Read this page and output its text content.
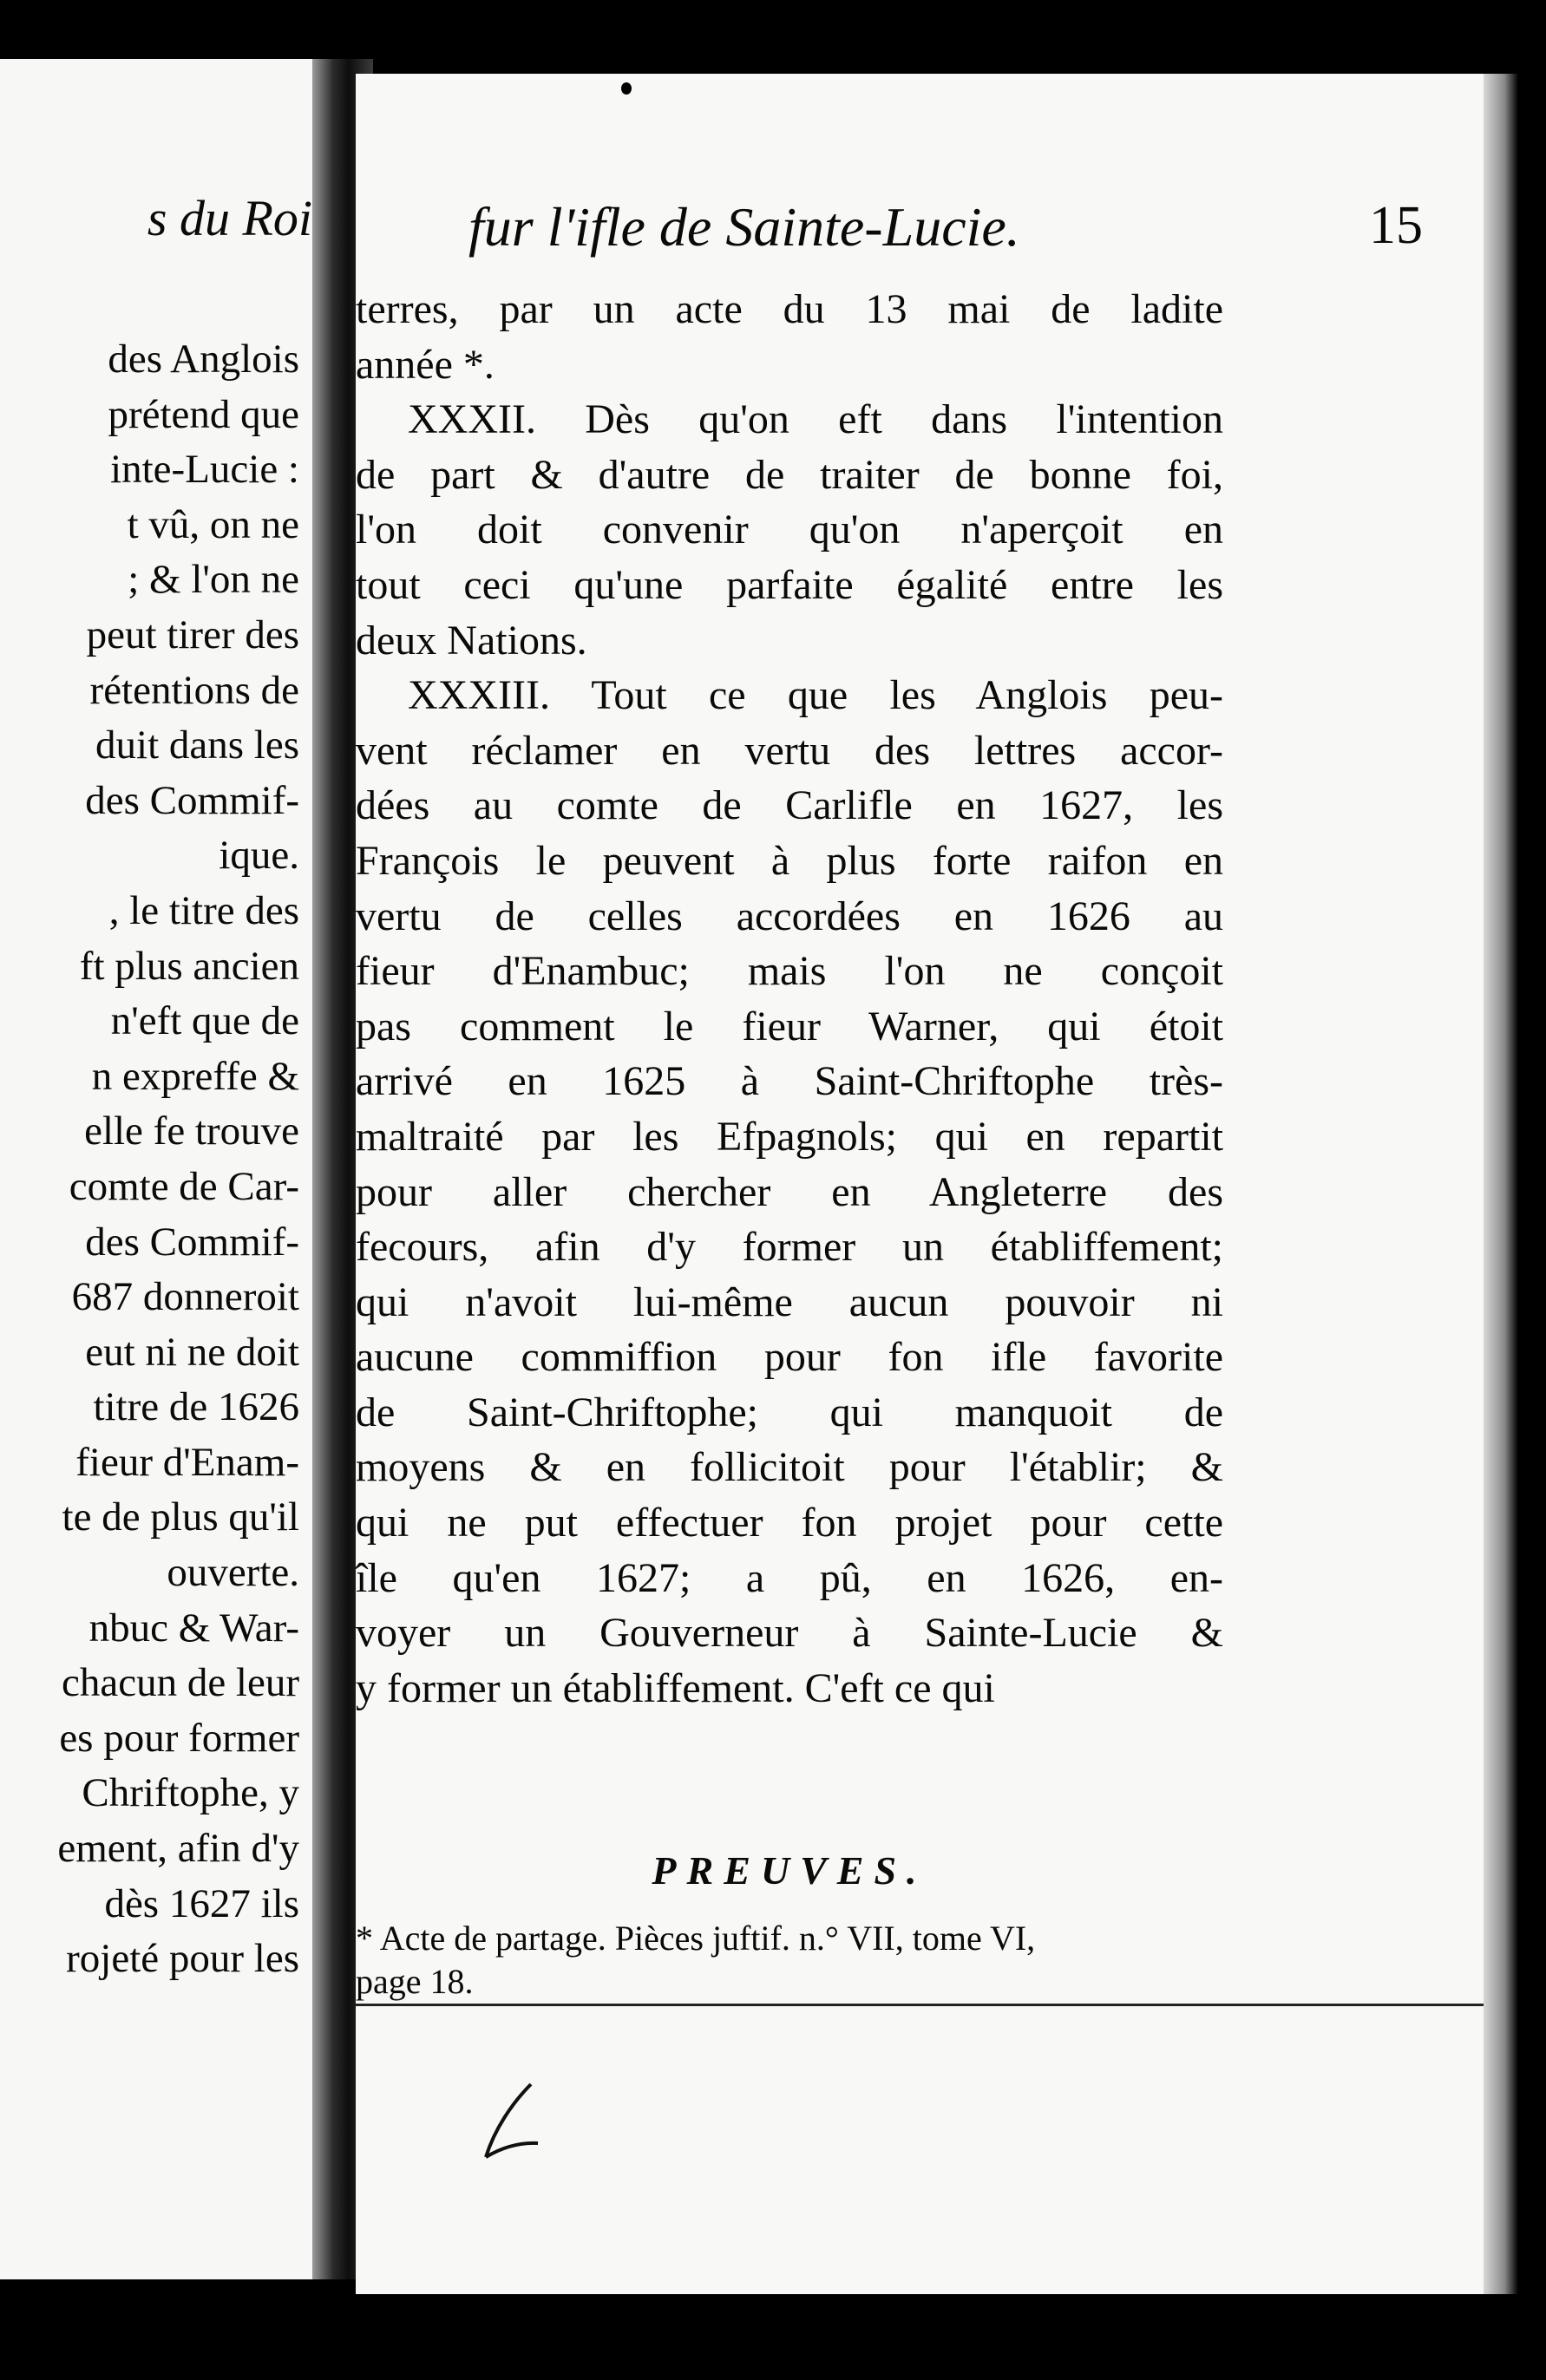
s du Roi
des Anglois
prétend que
inte-Lucie :
t vû, on ne
; & l'on ne
peut tirer des
rétentions de
duit dans les
des Commif-
ique.
, le titre des
ft plus ancien
n'eft que de
n expreffe &
elle fe trouve
comte de Car-
des Commif-
687 donneroit
eut ni ne doit
titre de 1626
fieur d'Enam-
te de plus qu'il
ouverte.
nbuc & War-
chacun de leur
es pour former
Chriftophe, y
ement, afin d'y
dès 1627 ils
rojeté pour les
fur l'ifle de Sainte-Lucie.	15
terres, par un acte du 13 mai de ladite
année *.
XXXII. Dès qu'on eft dans l'intention
de part & d'autre de traiter de bonne foi,
l'on doit convenir qu'on n'aperçoit en
tout ceci qu'une parfaite égalité entre les
deux Nations.
XXXIII. Tout ce que les Anglois peu-
vent réclamer en vertu des lettres accor-
dées au comte de Carlifle en 1627, les
François le peuvent à plus forte raifon en
vertu de celles accordées en 1626 au
fieur d'Enambuc; mais l'on ne conçoit
pas comment le fieur Warner, qui étoit
arrivé en 1625 à Saint-Chriftophe très-
maltraité par les Efpagnols; qui en repartit
pour aller chercher en Angleterre des
fecours, afin d'y former un établiffement;
qui n'avoit lui-même aucun pouvoir ni
aucune commiffion pour fon ifle favorite
de Saint-Chriftophe; qui manquoit de
moyens & en follicitoit pour l'établir; &
qui ne put effectuer fon projet pour cette
île qu'en 1627; a pû, en 1626, en-
voyer un Gouverneur à Sainte-Lucie &
y former un établiffement. C'eft ce qui
PREUVES.
* Acte de partage. Pièces juftif. n.° VII, tome VI,
page 18.
